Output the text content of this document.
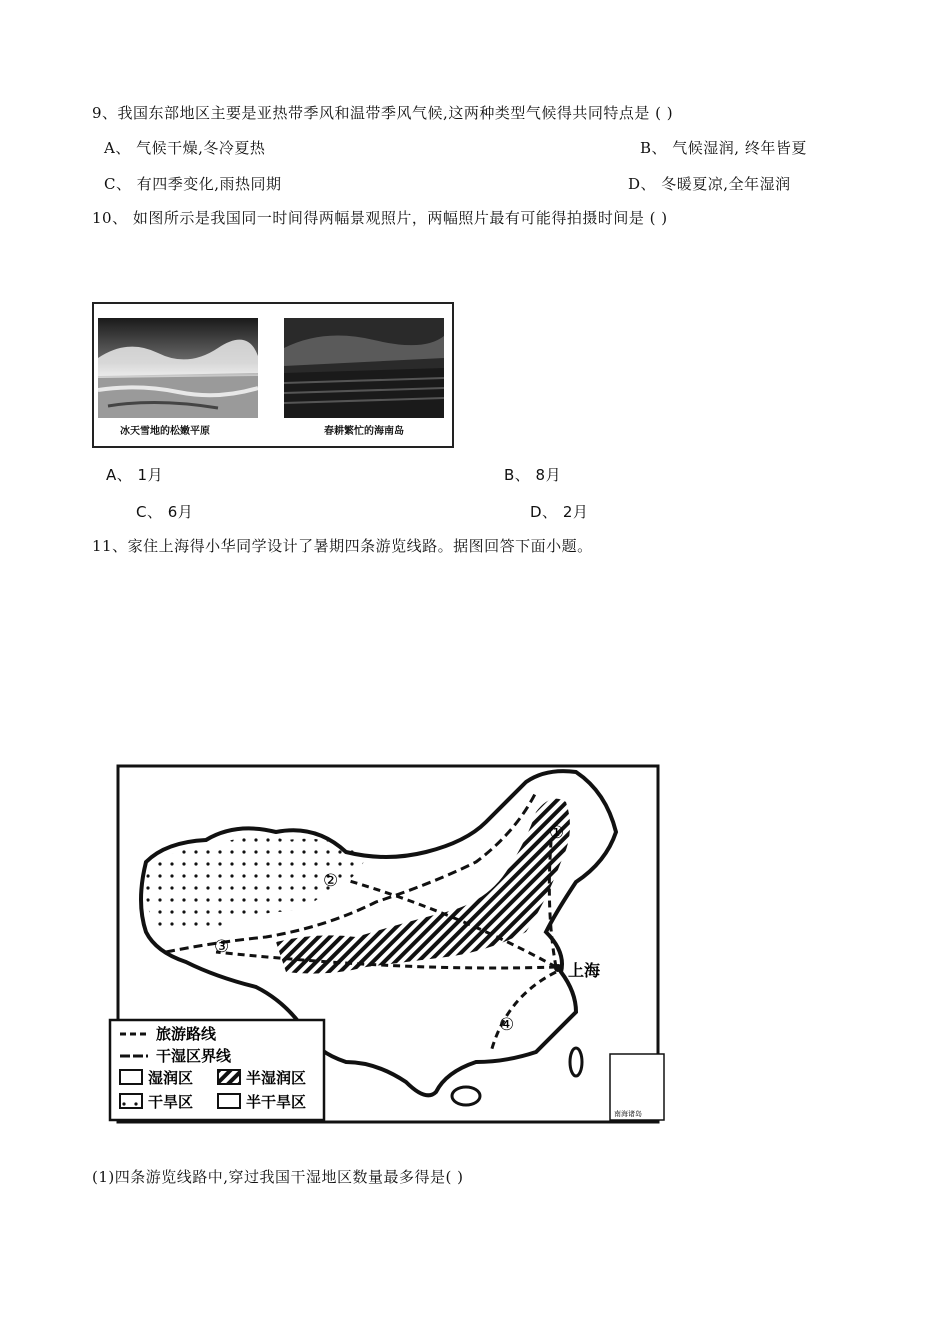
9、我国东部地区主要是亚热带季风和温带季风气候,这两种类型气候得共同特点是 ( )
A、 气候干燥,冬冷夏热	B、 气候湿润, 终年皆夏
C、 有四季变化,雨热同期	D、 冬暖夏凉,全年湿润
10、 如图所示是我国同一时间得两幅景观照片，两幅照片最有可能得拍摄时间是 ( )
冰天雪地的松嫩平原	春耕繁忙的海南岛
A、 1月	B、 8月
C、 6月	D、 2月
11、家住上海得小华同学设计了暑期四条游览线路。据图回答下面小题。
①
②
③
④
上海
南海诸岛
旅游路线
干湿区界线
湿润区	半湿润区
干旱区	半干旱区
(1)四条游览线路中,穿过我国干湿地区数量最多得是( )
